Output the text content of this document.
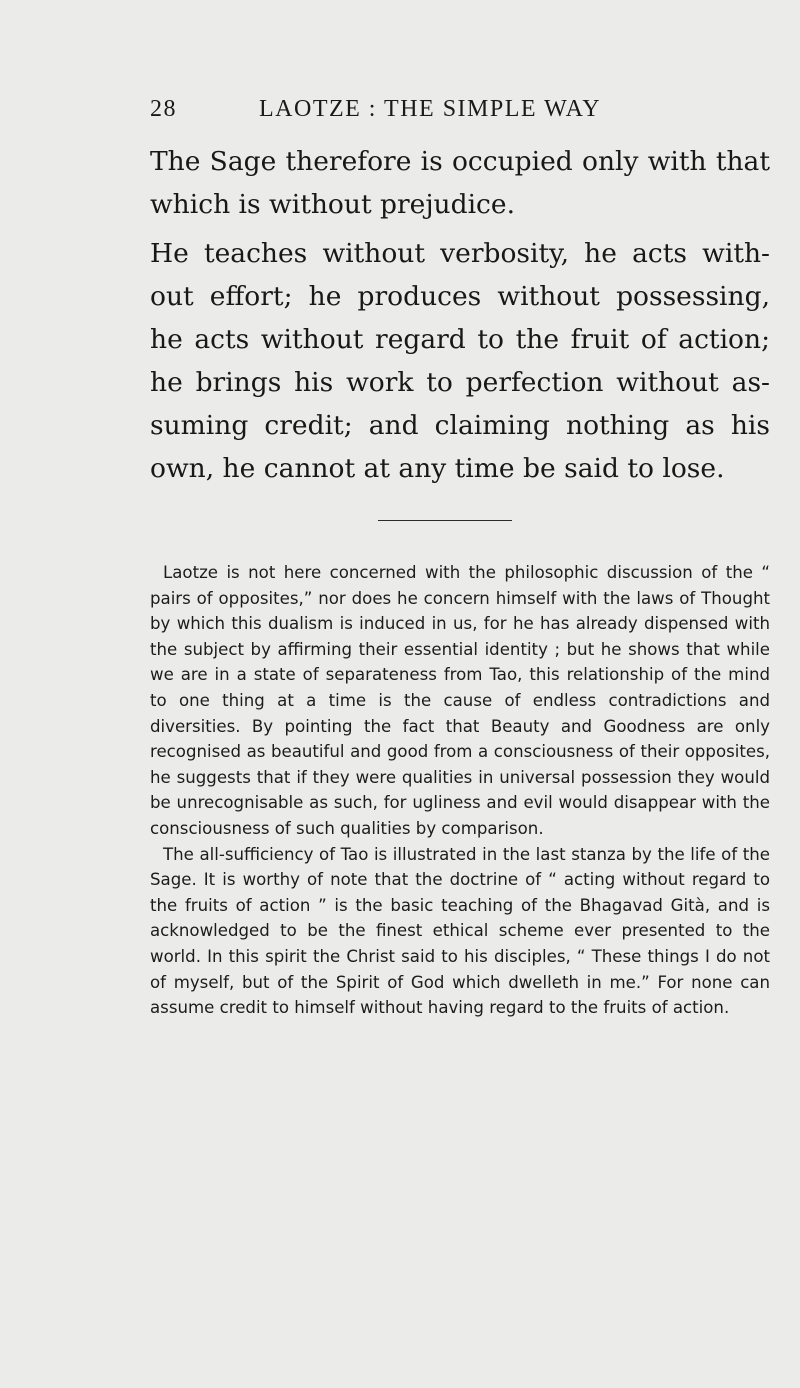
28	LAOTZE : THE SIMPLE WAY

The Sage therefore is occupied only with that which is without prejudice.

He teaches without verbosity, he acts with-out effort; he produces without possessing, he acts without regard to the fruit of action; he brings his work to perfection without as-suming credit; and claiming nothing as his own, he cannot at any time be said to lose.

Laotze is not here concerned with the philosophic discussion of the “ pairs of opposites,” nor does he concern himself with the laws of Thought by which this dualism is induced in us, for he has already dispensed with the subject by affirming their essential identity ; but he shows that while we are in a state of separateness from Tao, this relationship of the mind to one thing at a time is the cause of endless contradictions and diversities. By pointing the fact that Beauty and Goodness are only recognised as beautiful and good from a consciousness of their opposites, he suggests that if they were qualities in universal possession they would be unrecognisable as such, for ugliness and evil would disappear with the consciousness of such qualities by comparison.

The all-sufficiency of Tao is illustrated in the last stanza by the life of the Sage. It is worthy of note that the doctrine of “ acting without regard to the fruits of action ” is the basic teaching of the Bhagavad Gità, and is acknowledged to be the finest ethical scheme ever presented to the world. In this spirit the Christ said to his disciples, “ These things I do not of myself, but of the Spirit of God which dwelleth in me.” For none can assume credit to himself without having regard to the fruits of action.
